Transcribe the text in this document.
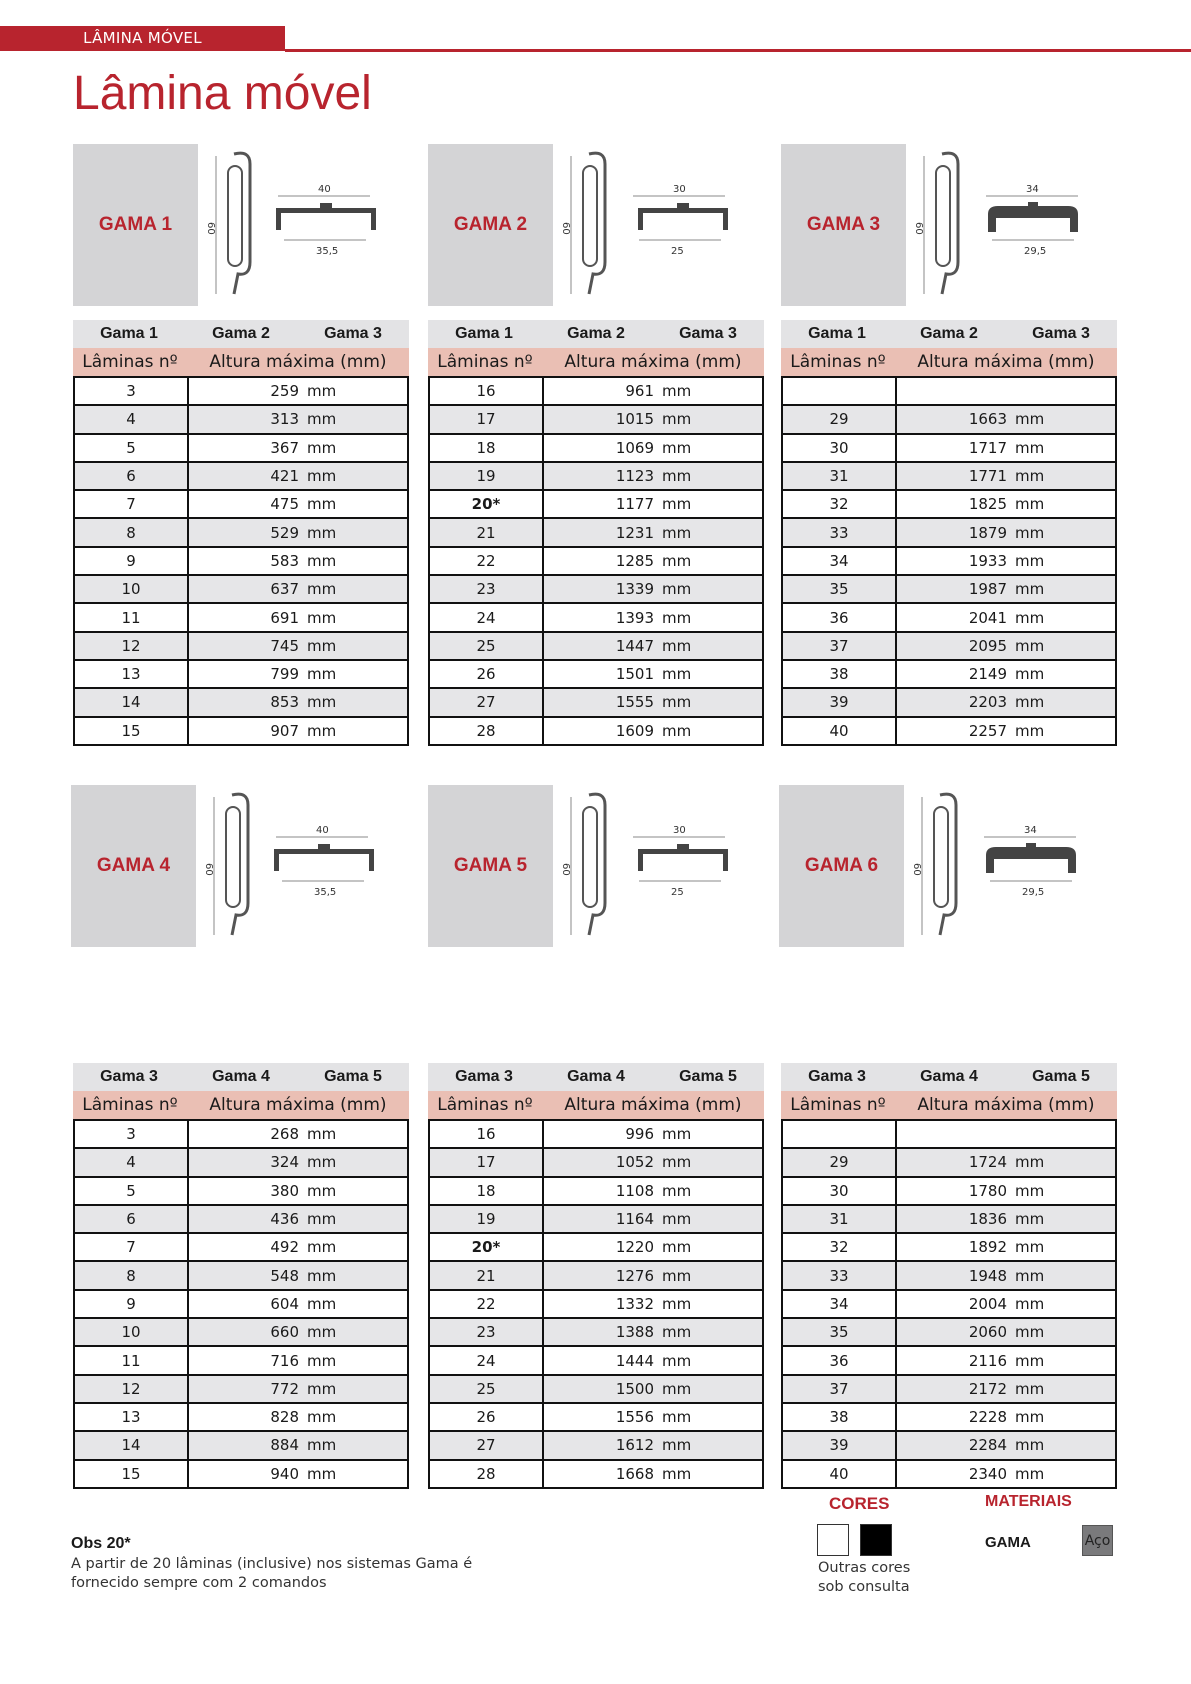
LÂMINA MÓVEL
Lâmina móvel
GAMA 1	60
40
35,5
GAMA 2	60
30
25
GAMA 3	60
34
29,5
GAMA 4	60
40
35,5
GAMA 5	60
30
25
GAMA 6	60
34
29,5
Gama 1	Gama 2	Gama 3
Lâminas nº	Altura máxima (mm)
3	259 mm

4	313 mm

5	367 mm

6	421 mm

7	475 mm

8	529 mm

9	583 mm

10	637 mm

11	691 mm

12	745 mm

13	799 mm

14	853 mm

15	907 mm
Gama 1	Gama 2	Gama 3
Lâminas nº	Altura máxima (mm)
16	961 mm

17	1015 mm

18	1069 mm

19	1123 mm

20*	1177 mm

21	1231 mm

22	1285 mm

23	1339 mm

24	1393 mm

25	1447 mm

26	1501 mm

27	1555 mm

28	1609 mm
Gama 1	Gama 2	Gama 3
Lâminas nº	Altura máxima (mm)

29	1663 mm

30	1717 mm

31	1771 mm

32	1825 mm

33	1879 mm

34	1933 mm

35	1987 mm

36	2041 mm

37	2095 mm

38	2149 mm

39	2203 mm

40	2257 mm
Gama 3	Gama 4	Gama 5
Lâminas nº	Altura máxima (mm)
3	268 mm

4	324 mm

5	380 mm

6	436 mm

7	492 mm

8	548 mm

9	604 mm

10	660 mm

11	716 mm

12	772 mm

13	828 mm

14	884 mm

15	940 mm
Gama 3	Gama 4	Gama 5
Lâminas nº	Altura máxima (mm)
16	996 mm

17	1052 mm

18	1108 mm

19	1164 mm

20*	1220 mm

21	1276 mm

22	1332 mm

23	1388 mm

24	1444 mm

25	1500 mm

26	1556 mm

27	1612 mm

28	1668 mm
Gama 3	Gama 4	Gama 5
Lâminas nº	Altura máxima (mm)

29	1724 mm

30	1780 mm

31	1836 mm

32	1892 mm

33	1948 mm

34	2004 mm

35	2060 mm

36	2116 mm

37	2172 mm

38	2228 mm

39	2284 mm

40	2340 mm
Obs 20*
A partir de 20 lâminas (inclusive) nos sistemas Gama é fornecido sempre com 2 comandos
CORES
Outras cores
sob consulta
MATERIAIS
GAMA	Aço
